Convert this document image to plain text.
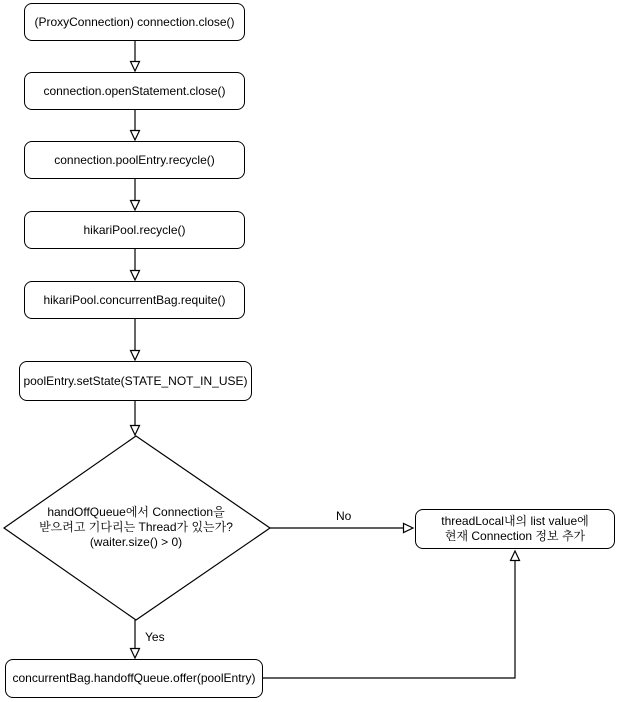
(ProxyConnection) connection.close()
connection.openStatement.close()
connection.poolEntry.recycle()
hikariPool.recycle()
hikariPool.concurrentBag.requite()
poolEntry.setState(STATE_NOT_IN_USE)
handOffQueue에서 Connection을
받으려고 기다리는 Thread가 있는가?
(waiter.size() > 0)
threadLocal내의 list value에
현재 Connection 정보 추가
concurrentBag.handoffQueue.offer(poolEntry)
Yes
No
